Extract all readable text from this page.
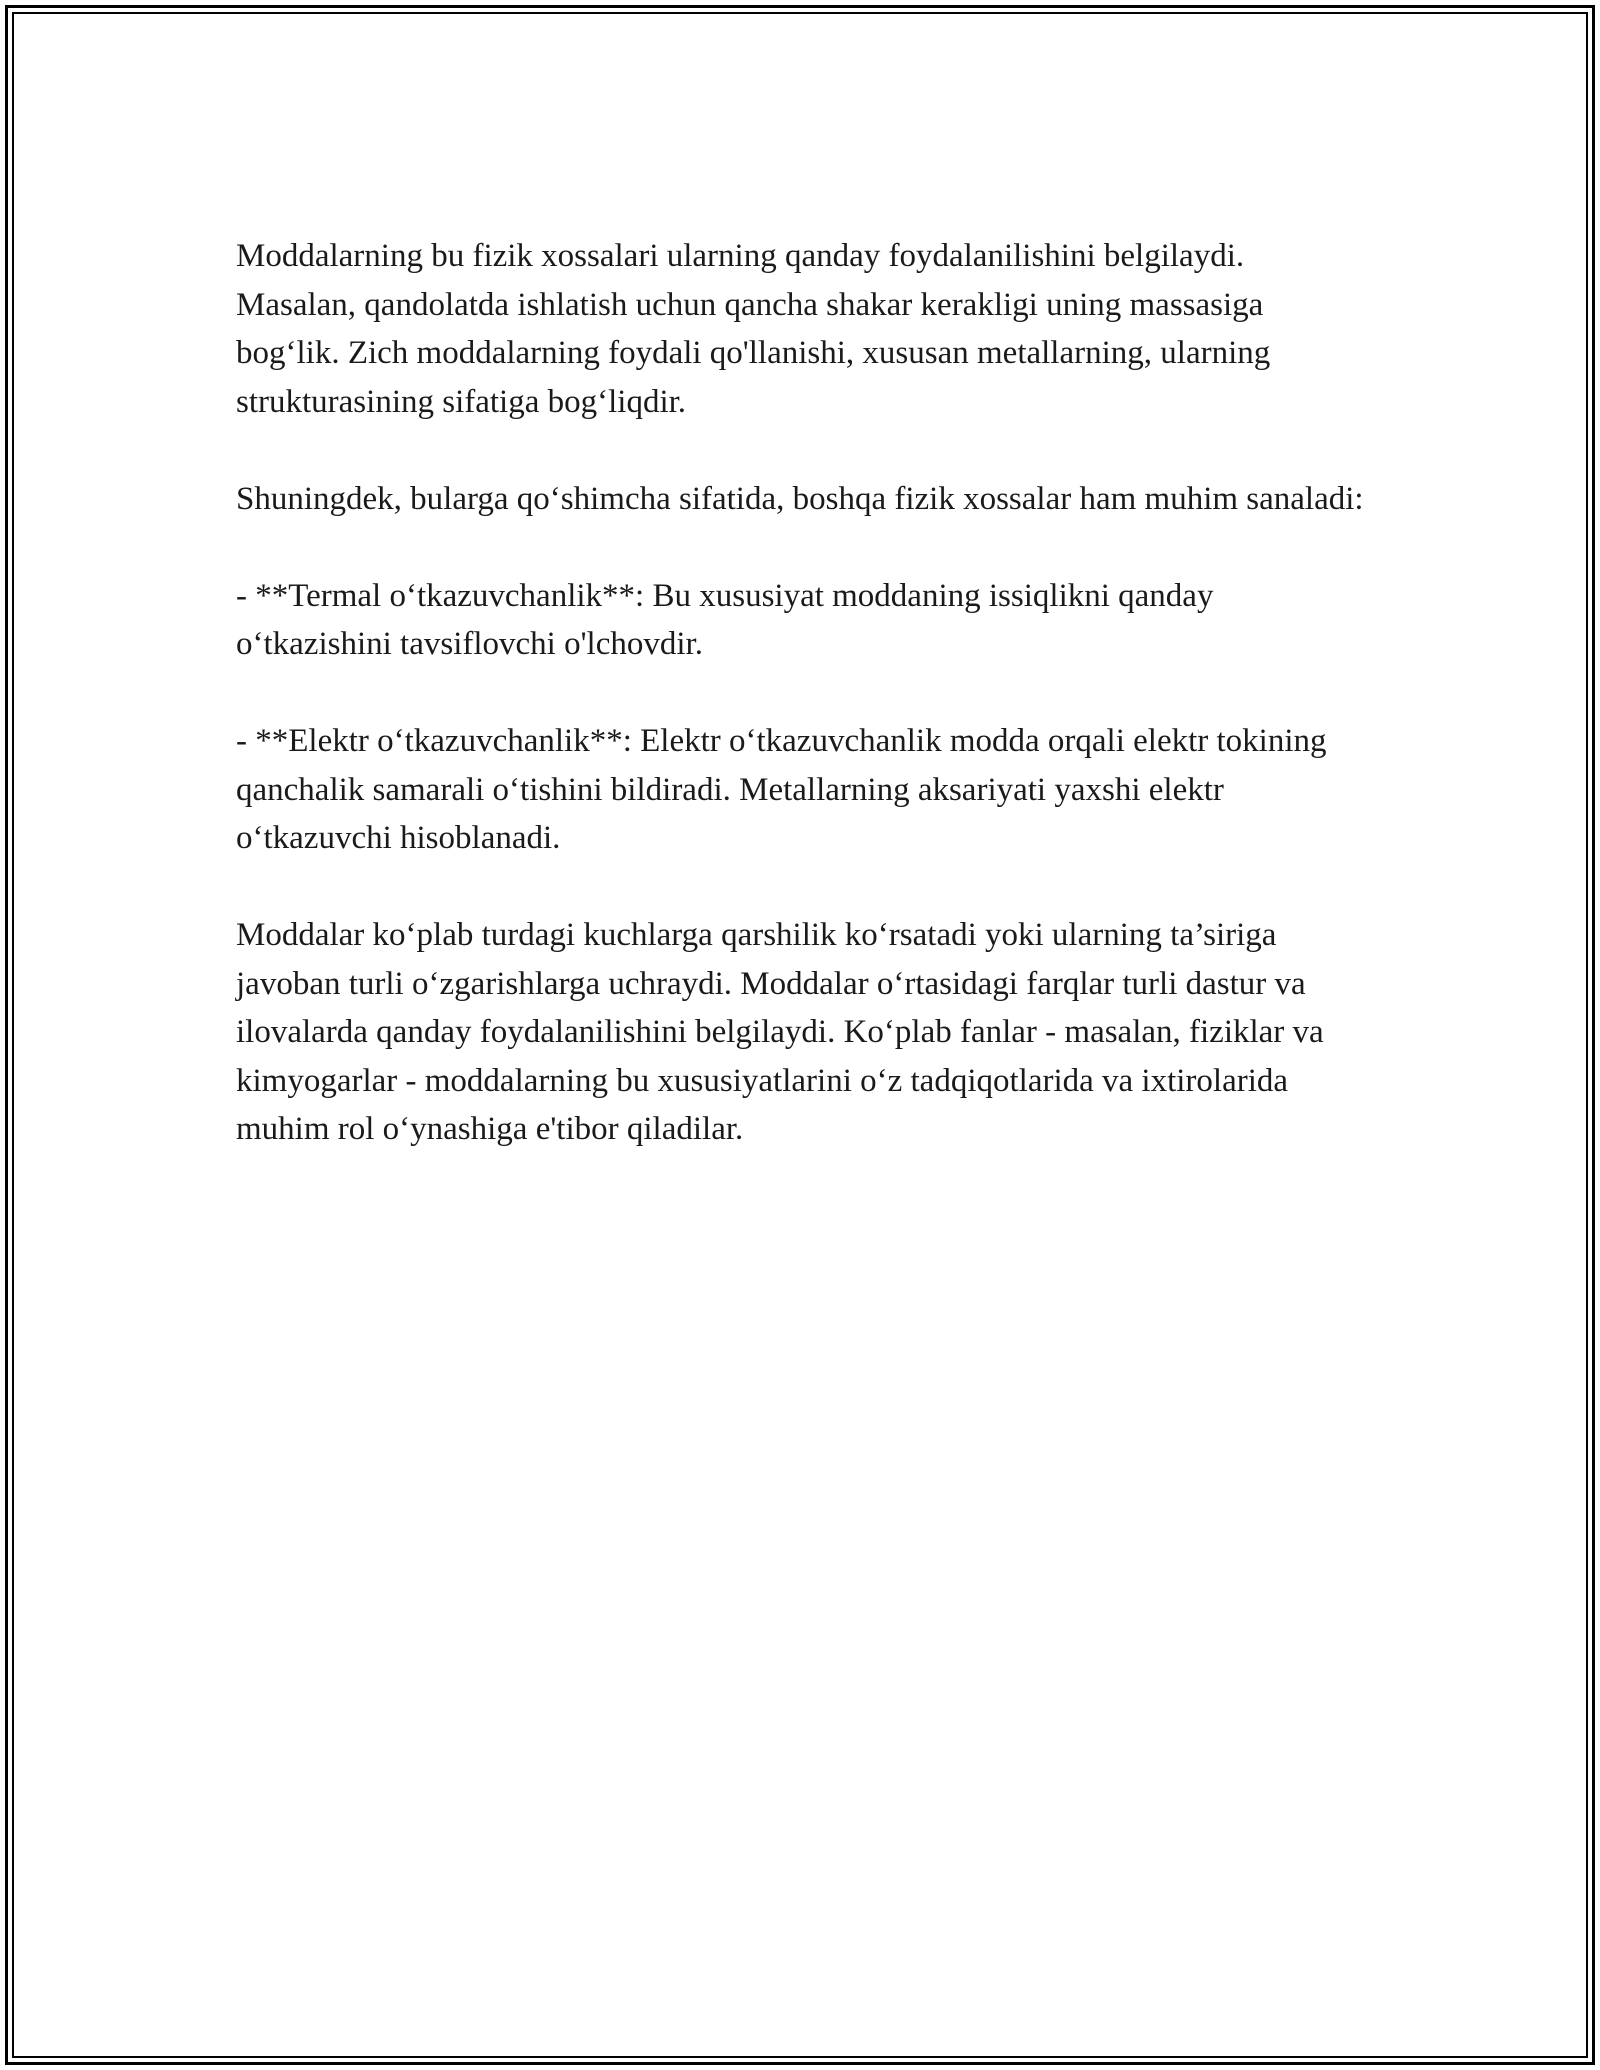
Moddalarning bu fizik xossalari ularning qanday foydalanilishini belgilaydi. Masalan, qandolatda ishlatish uchun qancha shakar kerakligi uning massasiga bog‘lik. Zich moddalarning foydali qo'llanishi, xususan metallarning, ularning strukturasining sifatiga bog‘liqdir.

Shuningdek, bularga qo‘shimcha sifatida, boshqa fizik xossalar ham muhim sanaladi:

- **Termal o‘tkazuvchanlik**: Bu xususiyat moddaning issiqlikni qanday o‘tkazishini tavsiflovchi o'lchovdir.

- **Elektr o‘tkazuvchanlik**: Elektr o‘tkazuvchanlik modda orqali elektr tokining qanchalik samarali o‘tishini bildiradi. Metallarning aksariyati yaxshi elektr o‘tkazuvchi hisoblanadi.

Moddalar ko‘plab turdagi kuchlarga qarshilik ko‘rsatadi yoki ularning ta’siriga javoban turli o‘zgarishlarga uchraydi. Moddalar o‘rtasidagi farqlar turli dastur va ilovalarda qanday foydalanilishini belgilaydi. Ko‘plab fanlar - masalan, fiziklar va kimyogarlar - moddalarning bu xususiyatlarini o‘z tadqiqotlarida va ixtirolarida muhim rol o‘ynashiga e'tibor qiladilar.
